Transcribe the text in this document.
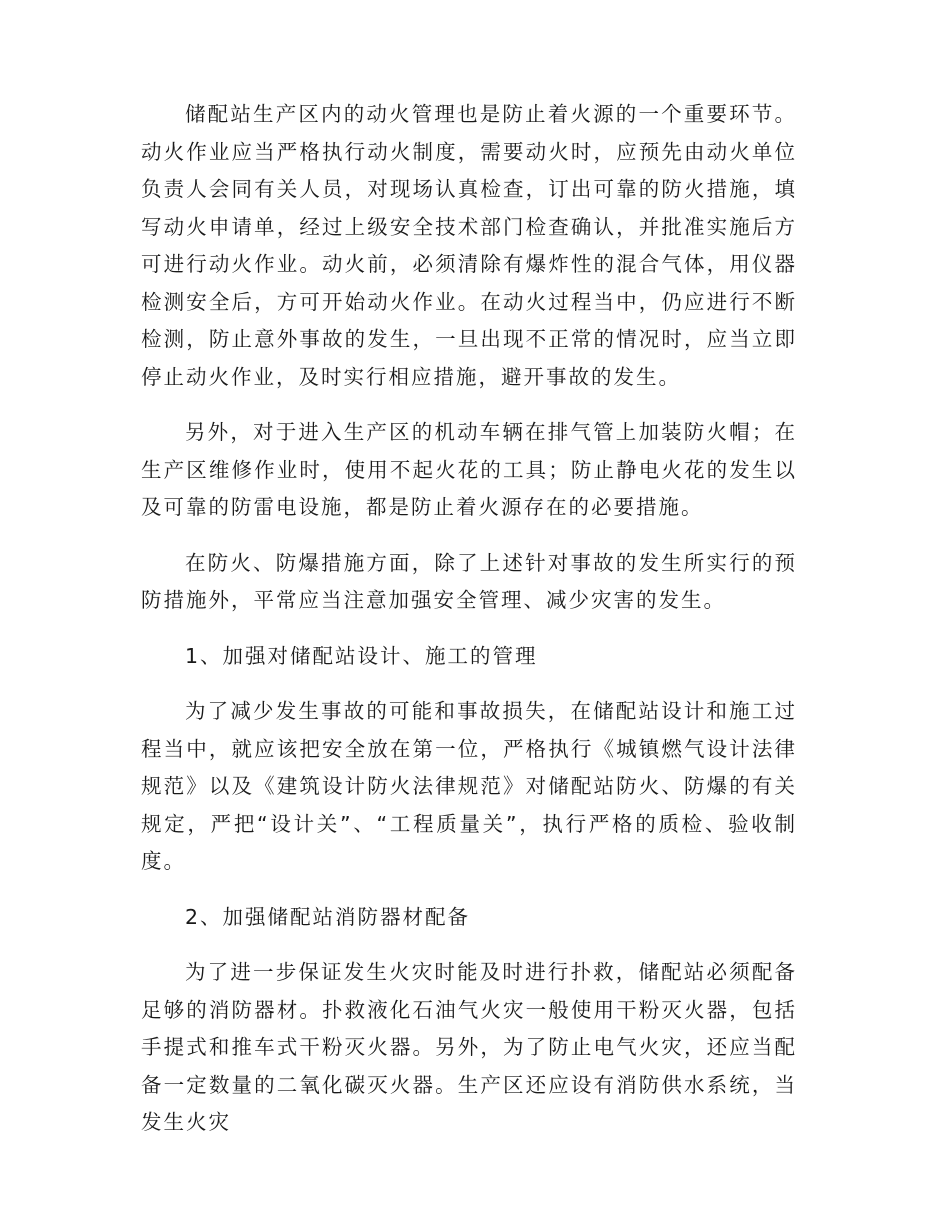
储配站生产区内的动火管理也是防止着火源的一个重要环节。动火作业应当严格执行动火制度，需要动火时，应预先由动火单位负责人会同有关人员，对现场认真检查，订出可靠的防火措施，填写动火申请单，经过上级安全技术部门检查确认，并批准实施后方可进行动火作业。动火前，必须清除有爆炸性的混合气体，用仪器检测安全后，方可开始动火作业。在动火过程当中，仍应进行不断检测，防止意外事故的发生，一旦出现不正常的情况时，应当立即停止动火作业，及时实行相应措施，避开事故的发生。

另外，对于进入生产区的机动车辆在排气管上加装防火帽；在生产区维修作业时，使用不起火花的工具；防止静电火花的发生以及可靠的防雷电设施，都是防止着火源存在的必要措施。

在防火、防爆措施方面，除了上述针对事故的发生所实行的预防措施外，平常应当注意加强安全管理、减少灾害的发生。

1、加强对储配站设计、施工的管理

为了减少发生事故的可能和事故损失，在储配站设计和施工过程当中，就应该把安全放在第一位，严格执行《城镇燃气设计法律规范》以及《建筑设计防火法律规范》对储配站防火、防爆的有关规定，严把“设计关”、“工程质量关”，执行严格的质检、验收制度。

2、加强储配站消防器材配备

为了进一步保证发生火灾时能及时进行扑救，储配站必须配备足够的消防器材。扑救液化石油气火灾一般使用干粉灭火器，包括手提式和推车式干粉灭火器。另外，为了防止电气火灾，还应当配备一定数量的二氧化碳灭火器。生产区还应设有消防供水系统，当发生火灾
